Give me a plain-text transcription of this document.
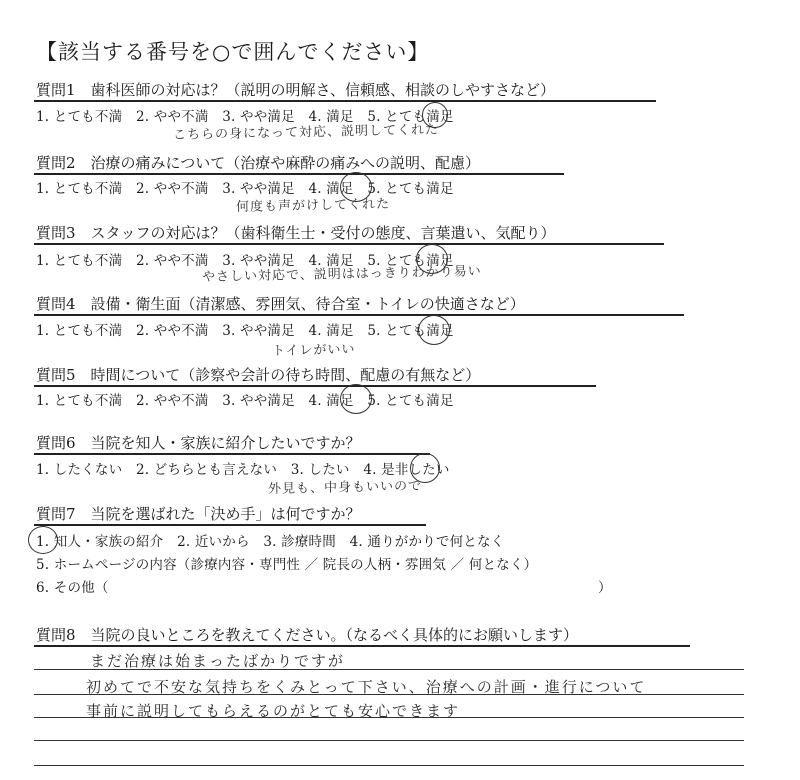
【該当する番号を○で囲んでください】
質問1　歯科医師の対応は？（説明の明解さ、信頼感、相談のしやすさなど）
1. とても不満　2. やや不満　3. やや満足　4. 満足　5. とても満足
こちらの身になって対応、説明してくれた
質問2　治療の痛みについて（治療や麻酔の痛みへの説明、配慮）
1. とても不満　2. やや不満　3. やや満足　4. 満足　5. とても満足
何度も声がけしてくれた
質問3　スタッフの対応は？（歯科衛生士・受付の態度、言葉遣い、気配り）
1. とても不満　2. やや不満　3. やや満足　4. 満足　5. とても満足
やさしい対応で、説明ははっきりわかり易い
質問4　設備・衛生面（清潔感、雰囲気、待合室・トイレの快適さなど）
1. とても不満　2. やや不満　3. やや満足　4. 満足　5. とても満足
トイレがいい
質問5　時間について（診察や会計の待ち時間、配慮の有無など）
1. とても不満　2. やや不満　3. やや満足　4. 満足　5. とても満足
質問6　当院を知人・家族に紹介したいですか？
1. したくない　2. どちらとも言えない　3. したい　4. 是非したい
外見も、中身もいいので
質問7　当院を選ばれた「決め手」は何ですか？
1. 知人・家族の紹介　2. 近いから　3. 診療時間　4. 通りがかりで何となく
5. ホームページの内容（診療内容・専門性 ／ 院長の人柄・雰囲気 ／ 何となく）
6. その他（	）
質問8　当院の良いところを教えてください。（なるべく具体的にお願いします）
まだ治療は始まったばかりですが
初めてで不安な気持ちをくみとって下さい、治療への計画・進行について
事前に説明してもらえるのがとても安心できます
